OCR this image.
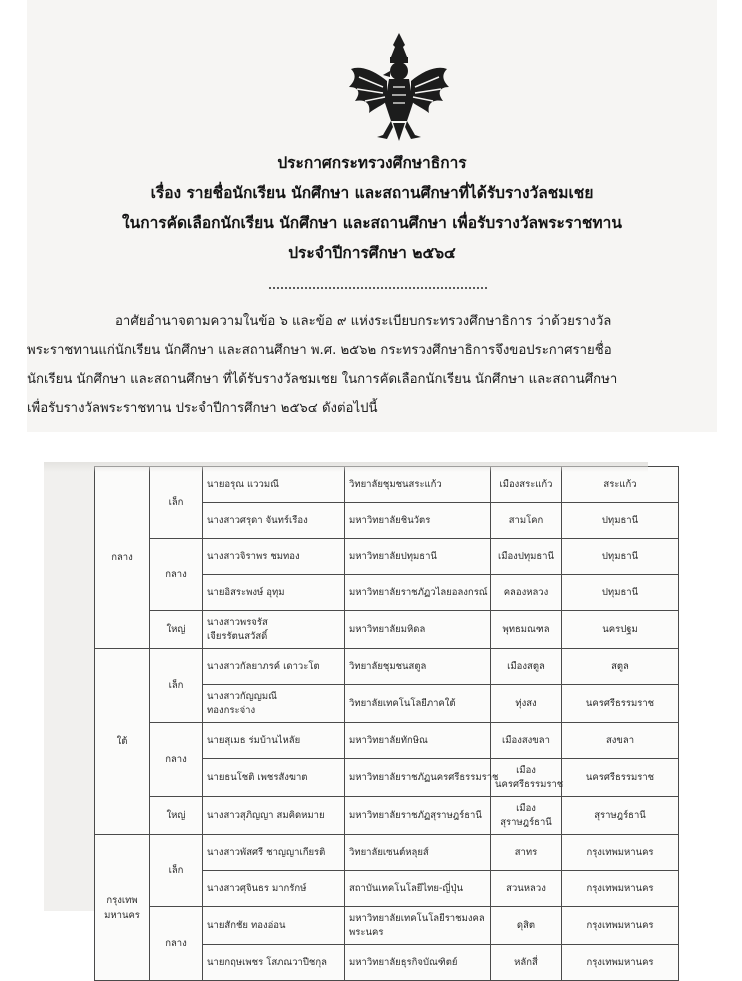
ประกาศกระทรวงศึกษาธิการ
เรื่อง รายชื่อนักเรียน นักศึกษา และสถานศึกษาที่ได้รับรางวัลชมเชย
ในการคัดเลือกนักเรียน นักศึกษา และสถานศึกษา เพื่อรับรางวัลพระราชทาน
ประจำปีการศึกษา ๒๕๖๔
อาศัยอำนาจตามความในข้อ ๖ และข้อ ๙ แห่งระเบียบกระทรวงศึกษาธิการ ว่าด้วยรางวัล
พระราชทานแก่นักเรียน นักศึกษา และสถานศึกษา พ.ศ. ๒๕๖๒ กระทรวงศึกษาธิการจึงขอประกาศรายชื่อ
นักเรียน นักศึกษา และสถานศึกษา ที่ได้รับรางวัลชมเชย ในการคัดเลือกนักเรียน นักศึกษา และสถานศึกษา
เพื่อรับรางวัลพระราชทาน ประจำปีการศึกษา ๒๕๖๔ ดังต่อไปนี้
กลาง	เล็ก	นายอรุณ แววมณี	วิทยาลัยชุมชนสระแก้ว	เมืองสระแก้ว	สระแก้ว
		นางสาวศรุดา จันทร์เรือง	มหาวิทยาลัยชินวัตร	สามโคก	ปทุมธานี
	กลาง	นางสาวจิราพร ชมทอง	มหาวิทยาลัยปทุมธานี	เมืองปทุมธานี	ปทุมธานี
		นายอิสระพงษ์ อุทุม	มหาวิทยาลัยราชภัฏวไลยอลงกรณ์	คลองหลวง	ปทุมธานี
	ใหญ่	นางสาวพรจรัส
เจียรรัตนสวัสดิ์	มหาวิทยาลัยมหิดล	พุทธมณฑล	นครปฐม
ใต้	เล็ก	นางสาวกัลยาภรค์ เดาวะโต	วิทยาลัยชุมชนสตูล	เมืองสตูล	สตูล
		นางสาวกัญญมณี
ทองกระจ่าง	วิทยาลัยเทคโนโลยีภาคใต้	ทุ่งสง	นครศรีธรรมราช
	กลาง	นายสุเมธ ร่มบ้านไหลัย	มหาวิทยาลัยทักษิณ	เมืองสงขลา	สงขลา
		นายธนโชติ เพชรสังฆาต	มหาวิทยาลัยราชภัฏนครศรีธรรมราช	เมือง
นครศรีธรรมราช	นครศรีธรรมราช
	ใหญ่	นางสาวสุภิญญา สมคิดหมาย	มหาวิทยาลัยราชภัฏสุราษฎร์ธานี	เมือง
สุราษฎร์ธานี	สุราษฎร์ธานี
กรุงเทพ
มหานคร	เล็ก	นางสาวพัสศรี ชาญญาเกียรติ	วิทยาลัยเซนต์หลุยส์	สาทร	กรุงเทพมหานคร
		นางสาวศุจินธร มากรักษ์	สถาบันเทคโนโลยีไทย-ญี่ปุ่น	สวนหลวง	กรุงเทพมหานคร
	กลาง	นายสักชัย ทองอ่อน	มหาวิทยาลัยเทคโนโลยีราชมงคล
พระนคร	ดุสิต	กรุงเทพมหานคร
		นายกฤษเพชร โสภณวาปีชกุล	มหาวิทยาลัยธุรกิจบัณฑิตย์	หลักสี่	กรุงเทพมหานคร
